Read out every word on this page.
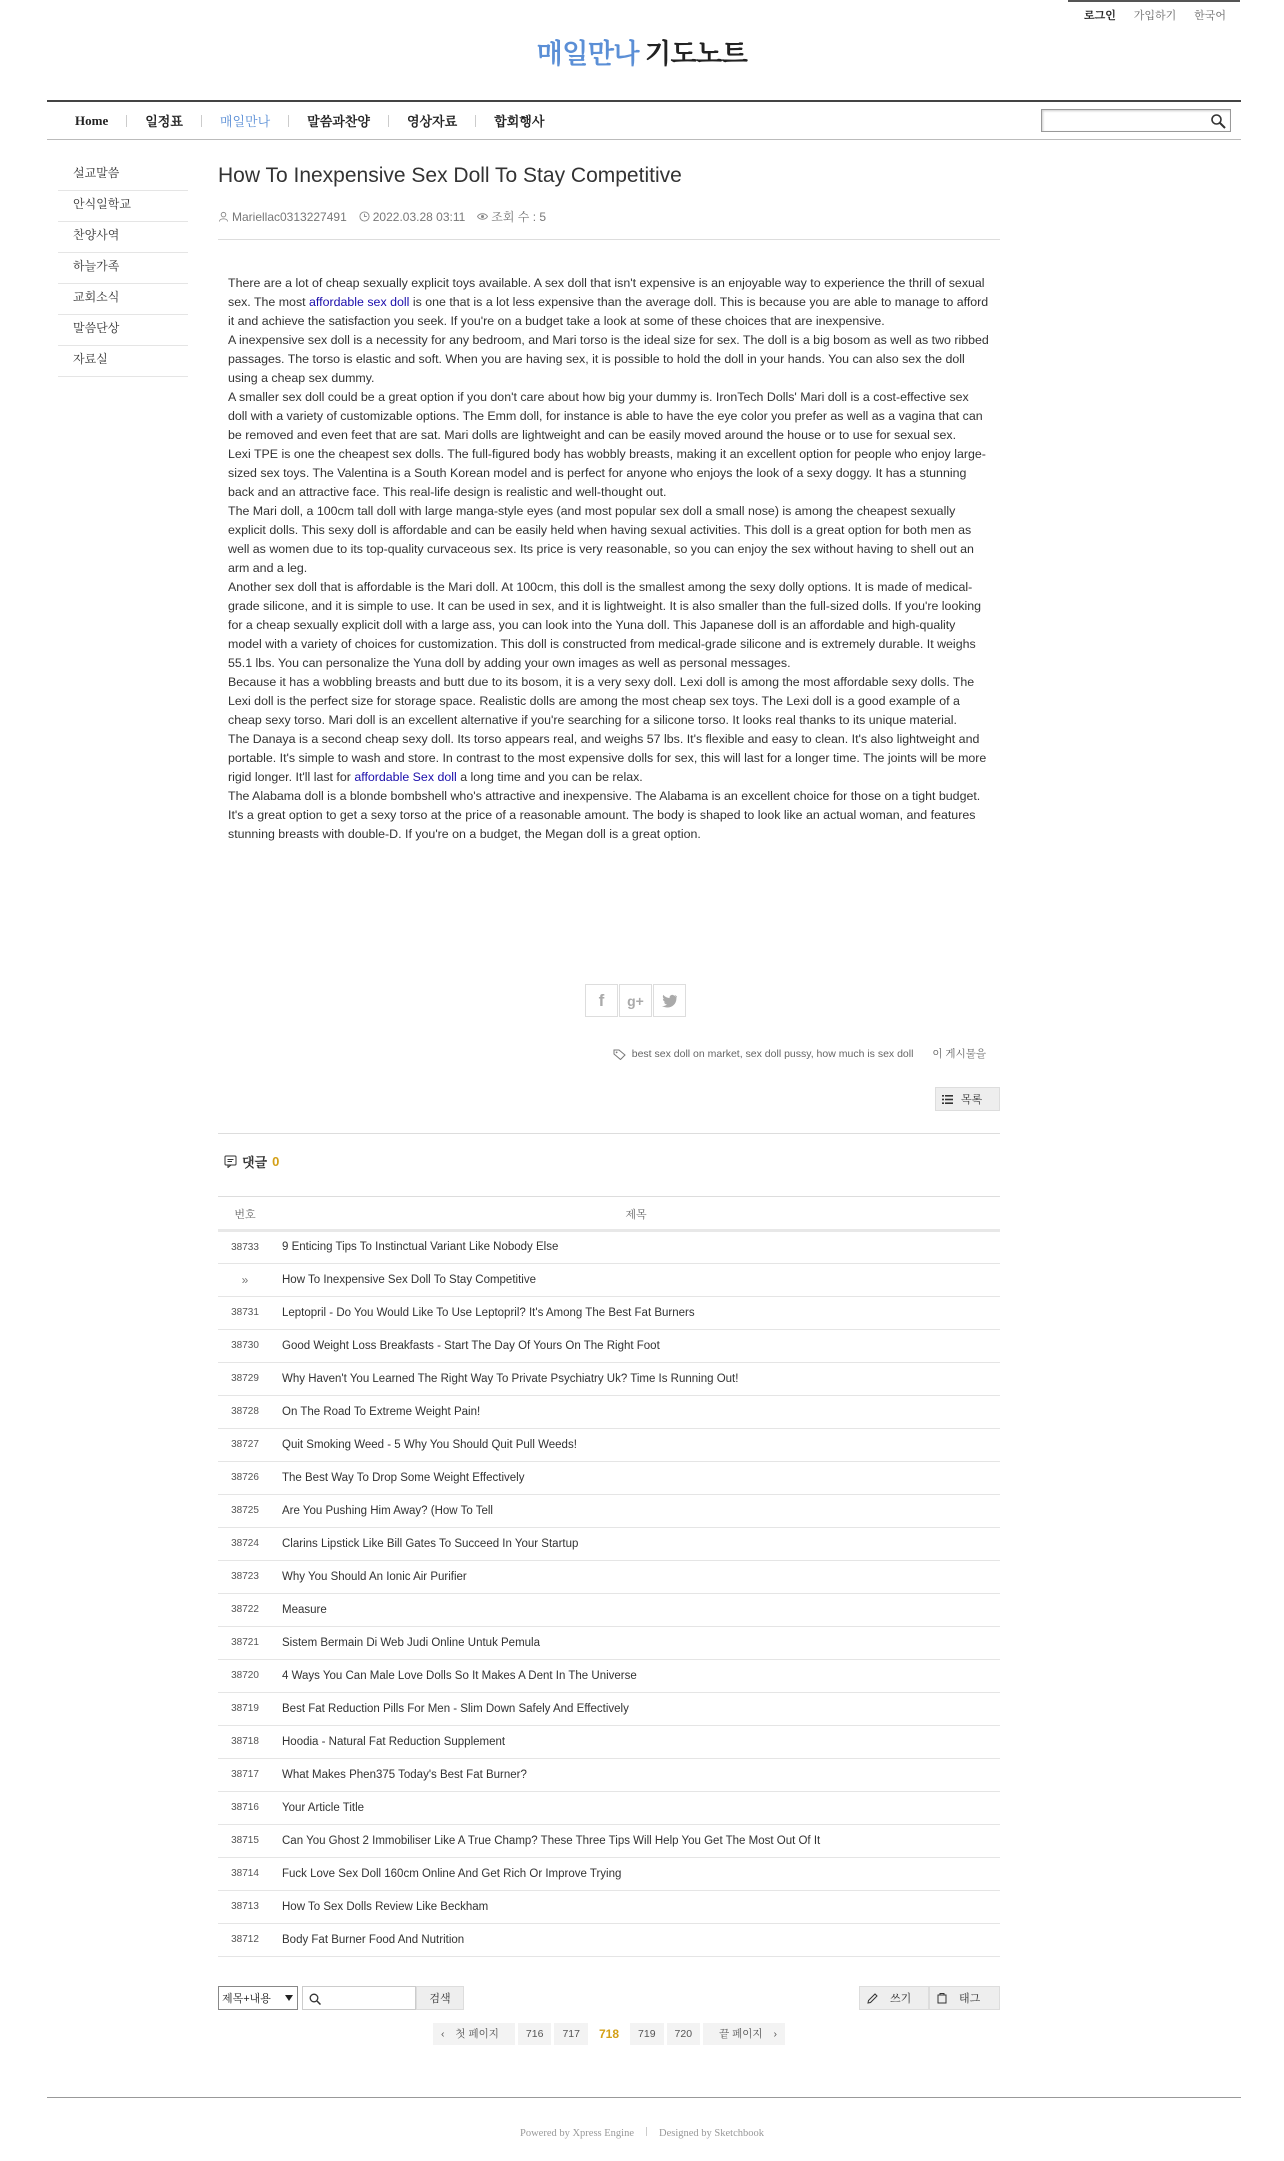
로그인 가입하기 한국어
매일만나 기도노트
Home	일정표	매일만나	말씀과찬양	영상자료	합회행사
설교말씀
안식일학교
찬양사역
하늘가족
교회소식
말씀단상
자료실
How To Inexpensive Sex Doll To Stay Competitive
Mariellac0313227491 2022.03.28 03:11 조회 수 : 5

There are a lot of cheap sexually explicit toys available. A sex doll that isn't expensive is an enjoyable way to experience the thrill of sexual sex. The most affordable sex doll is one that is a lot less expensive than the average doll. This is because you are able to manage to afford it and achieve the satisfaction you seek. If you're on a budget take a look at some of these choices that are inexpensive.

A inexpensive sex doll is a necessity for any bedroom, and Mari torso is the ideal size for sex. The doll is a big bosom as well as two ribbed passages. The torso is elastic and soft. When you are having sex, it is possible to hold the doll in your hands. You can also sex the doll using a cheap sex dummy.

A smaller sex doll could be a great option if you don't care about how big your dummy is. IronTech Dolls' Mari doll is a cost-effective sex doll with a variety of customizable options. The Emm doll, for instance is able to have the eye color you prefer as well as a vagina that can be removed and even feet that are sat. Mari dolls are lightweight and can be easily moved around the house or to use for sexual sex.

Lexi TPE is one the cheapest sex dolls. The full-figured body has wobbly breasts, making it an excellent option for people who enjoy large-sized sex toys. The Valentina is a South Korean model and is perfect for anyone who enjoys the look of a sexy doggy. It has a stunning back and an attractive face. This real-life design is realistic and well-thought out.

The Mari doll, a 100cm tall doll with large manga-style eyes (and most popular sex doll a small nose) is among the cheapest sexually explicit dolls. This sexy doll is affordable and can be easily held when having sexual activities. This doll is a great option for both men as well as women due to its top-quality curvaceous sex. Its price is very reasonable, so you can enjoy the sex without having to shell out an arm and a leg.

Another sex doll that is affordable is the Mari doll. At 100cm, this doll is the smallest among the sexy dolly options. It is made of medical-grade silicone, and it is simple to use. It can be used in sex, and it is lightweight. It is also smaller than the full-sized dolls. If you're looking for a cheap sexually explicit doll with a large ass, you can look into the Yuna doll. This Japanese doll is an affordable and high-quality model with a variety of choices for customization. This doll is constructed from medical-grade silicone and is extremely durable. It weighs 55.1 lbs. You can personalize the Yuna doll by adding your own images as well as personal messages.

Because it has a wobbling breasts and butt due to its bosom, it is a very sexy doll. Lexi doll is among the most affordable sexy dolls. The Lexi doll is the perfect size for storage space. Realistic dolls are among the most cheap sex toys. The Lexi doll is a good example of a cheap sexy torso. Mari doll is an excellent alternative if you're searching for a silicone torso. It looks real thanks to its unique material.

The Danaya is a second cheap sexy doll. Its torso appears real, and weighs 57 lbs. It's flexible and easy to clean. It's also lightweight and portable. It's simple to wash and store. In contrast to the most expensive dolls for sex, this will last for a longer time. The joints will be more rigid longer. It'll last for affordable Sex doll a long time and you can be relax.

The Alabama doll is a blonde bombshell who's attractive and inexpensive. The Alabama is an excellent choice for those on a tight budget. It's a great option to get a sexy torso at the price of a reasonable amount. The body is shaped to look like an actual woman, and features stunning breasts with double-D. If you're on a budget, the Megan doll is a great option.

f	g+
best sex doll on market, sex doll pussy, how much is sex doll 이 게시물을
목록
댓글 0
번호	제목
38733	9 Enticing Tips To Instinctual Variant Like Nobody Else
»	How To Inexpensive Sex Doll To Stay Competitive
38731	Leptopril - Do You Would Like To Use Leptopril? It's Among The Best Fat Burners
38730	Good Weight Loss Breakfasts - Start The Day Of Yours On The Right Foot
38729	Why Haven't You Learned The Right Way To Private Psychiatry Uk? Time Is Running Out!
38728	On The Road To Extreme Weight Pain!
38727	Quit Smoking Weed - 5 Why You Should Quit Pull Weeds!
38726	The Best Way To Drop Some Weight Effectively
38725	Are You Pushing Him Away? (How To Tell
38724	Clarins Lipstick Like Bill Gates To Succeed In Your Startup
38723	Why You Should An Ionic Air Purifier
38722	Measure
38721	Sistem Bermain Di Web Judi Online Untuk Pemula
38720	4 Ways You Can Male Love Dolls So It Makes A Dent In The Universe
38719	Best Fat Reduction Pills For Men - Slim Down Safely And Effectively
38718	Hoodia - Natural Fat Reduction Supplement
38717	What Makes Phen375 Today's Best Fat Burner?
38716	Your Article Title
38715	Can You Ghost 2 Immobiliser Like A True Champ? These Three Tips Will Help You Get The Most Out Of It
38714	Fuck Love Sex Doll 160cm Online And Get Rich Or Improve Trying
38713	How To Sex Dolls Review Like Beckham
38712	Body Fat Burner Food And Nutrition
제목+내용	검색	쓰기	태그
‹ 첫 페이지	716	717	718	719	720	끝 페이지 ›
Powered by Xpress Engine Designed by Sketchbook
